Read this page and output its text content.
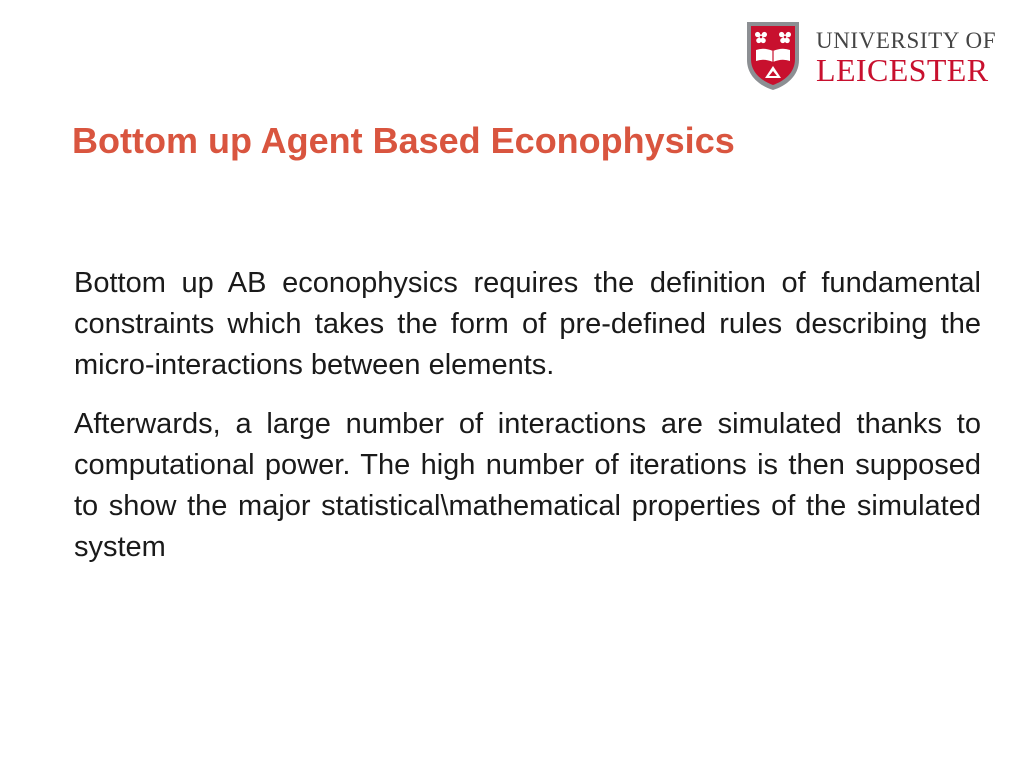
UNIVERSITY OF
LEICESTER
Bottom up Agent Based Econophysics

Bottom up AB econophysics requires the definition of fundamental constraints which takes the form of pre-defined rules describing the micro-interactions between elements.

Afterwards, a large number of interactions are simulated thanks to computational power. The high number of iterations is then supposed to show the major statistical\mathematical properties of the simulated system
